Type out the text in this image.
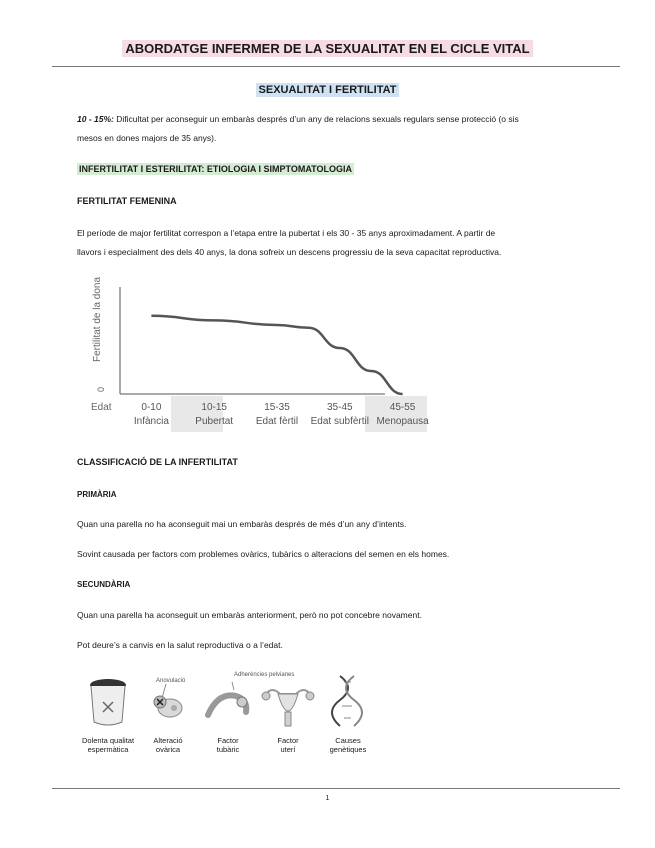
ABORDATGE INFERMER DE LA SEXUALITAT EN EL CICLE VITAL
SEXUALITAT I FERTILITAT
10 - 15%: Dificultat per aconseguir un embaràs després d’un any de relacions sexuals regulars sense protecció (o sis
mesos en dones majors de 35 anys).
INFERTILITAT I ESTERILITAT: ETIOLOGIA I SIMPTOMATOLOGIA
FERTILITAT FEMENINA
El període de major fertilitat correspon a l’etapa entre la pubertat i els 30 - 35 anys aproximadament. A partir de
llavors i especialment des dels 40 anys, la dona sofreix un descens progressiu de la seva capacitat reproductiva.
Fertilitat de la dona
0
Edat	0-10
Infància
10-15
Pubertat
15-35
Edat fèrtil
35-45
Edat subfèrtil
45-55
Menopausa
CLASSIFICACIÓ DE LA INFERTILITAT
PRIMÀRIA
Quan una parella no ha aconseguit mai un embaràs després de més d’un any d’intents.
Sovint causada per factors com problemes ovàrics, tubàrics o alteracions del semen en els homes.
SECUNDÀRIA
Quan una parella ha aconseguit un embaràs anteriorment, però no pot concebre novament.
Pot deure’s a canvis en la salut reproductiva o a l’edat.
Dolenta qualitat
espermàtica
Anovulació
Alteració
ovàrica
Adherències pelvianes
Factor
tubàric
Factor
uterí
Causes
genètiques
1
